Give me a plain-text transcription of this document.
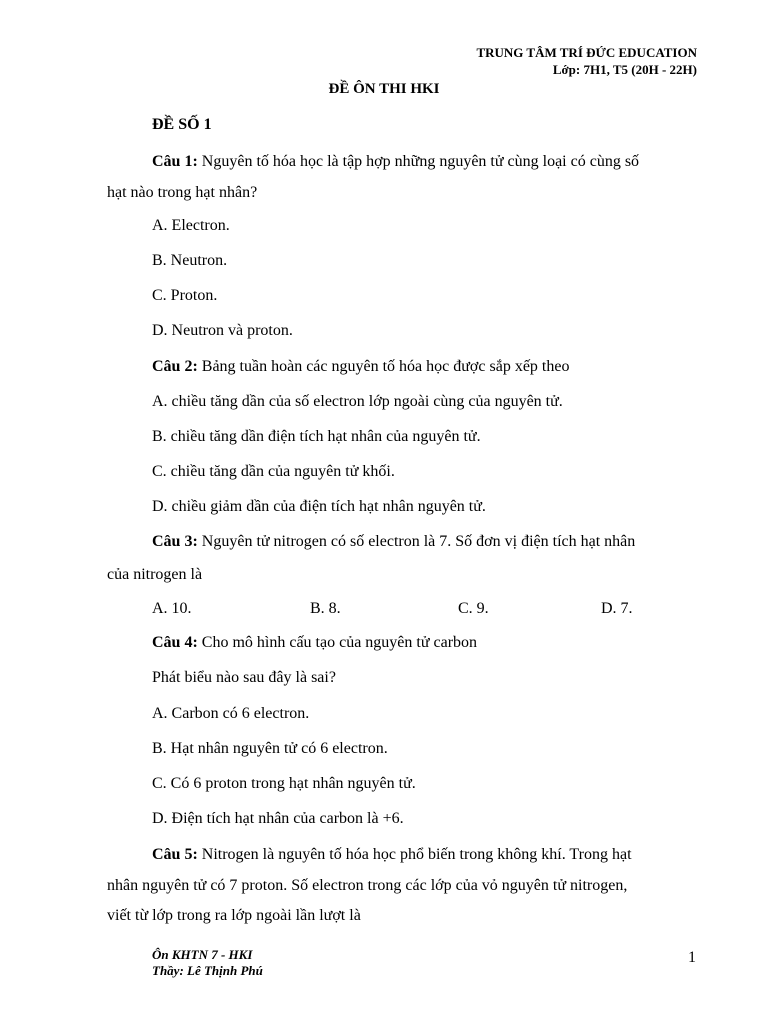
TRUNG TÂM TRÍ ĐỨC EDUCATION
Lớp: 7H1, T5 (20H - 22H)
ĐỀ ÔN THI HKI
ĐỀ SỐ 1
Câu 1: Nguyên tố hóa học là tập hợp những nguyên tử cùng loại có cùng số
hạt nào trong hạt nhân?
A. Electron.
B. Neutron.
C. Proton.
D. Neutron và proton.
Câu 2: Bảng tuần hoàn các nguyên tố hóa học được sắp xếp theo
A. chiều tăng dần của số electron lớp ngoài cùng của nguyên tử.
B. chiều tăng dần điện tích hạt nhân của nguyên tử.
C. chiều tăng dần của nguyên tử khối.
D. chiều giảm dần của điện tích hạt nhân nguyên tử.
Câu 3: Nguyên tử nitrogen có số electron là 7. Số đơn vị điện tích hạt nhân
của nitrogen là
A. 10.	B. 8.	C. 9.	D. 7.
Câu 4: Cho mô hình cấu tạo của nguyên tử carbon
Phát biểu nào sau đây là sai?
A. Carbon có 6 electron.
B. Hạt nhân nguyên tử có 6 electron.
C. Có 6 proton trong hạt nhân nguyên tử.
D. Điện tích hạt nhân của carbon là +6.
Câu 5: Nitrogen là nguyên tố hóa học phổ biến trong không khí. Trong hạt
nhân nguyên tử có 7 proton. Số electron trong các lớp của vỏ nguyên tử nitrogen,
viết từ lớp trong ra lớp ngoài lần lượt là
Ôn KHTN 7 - HKI
Thầy: Lê Thịnh Phú
1
